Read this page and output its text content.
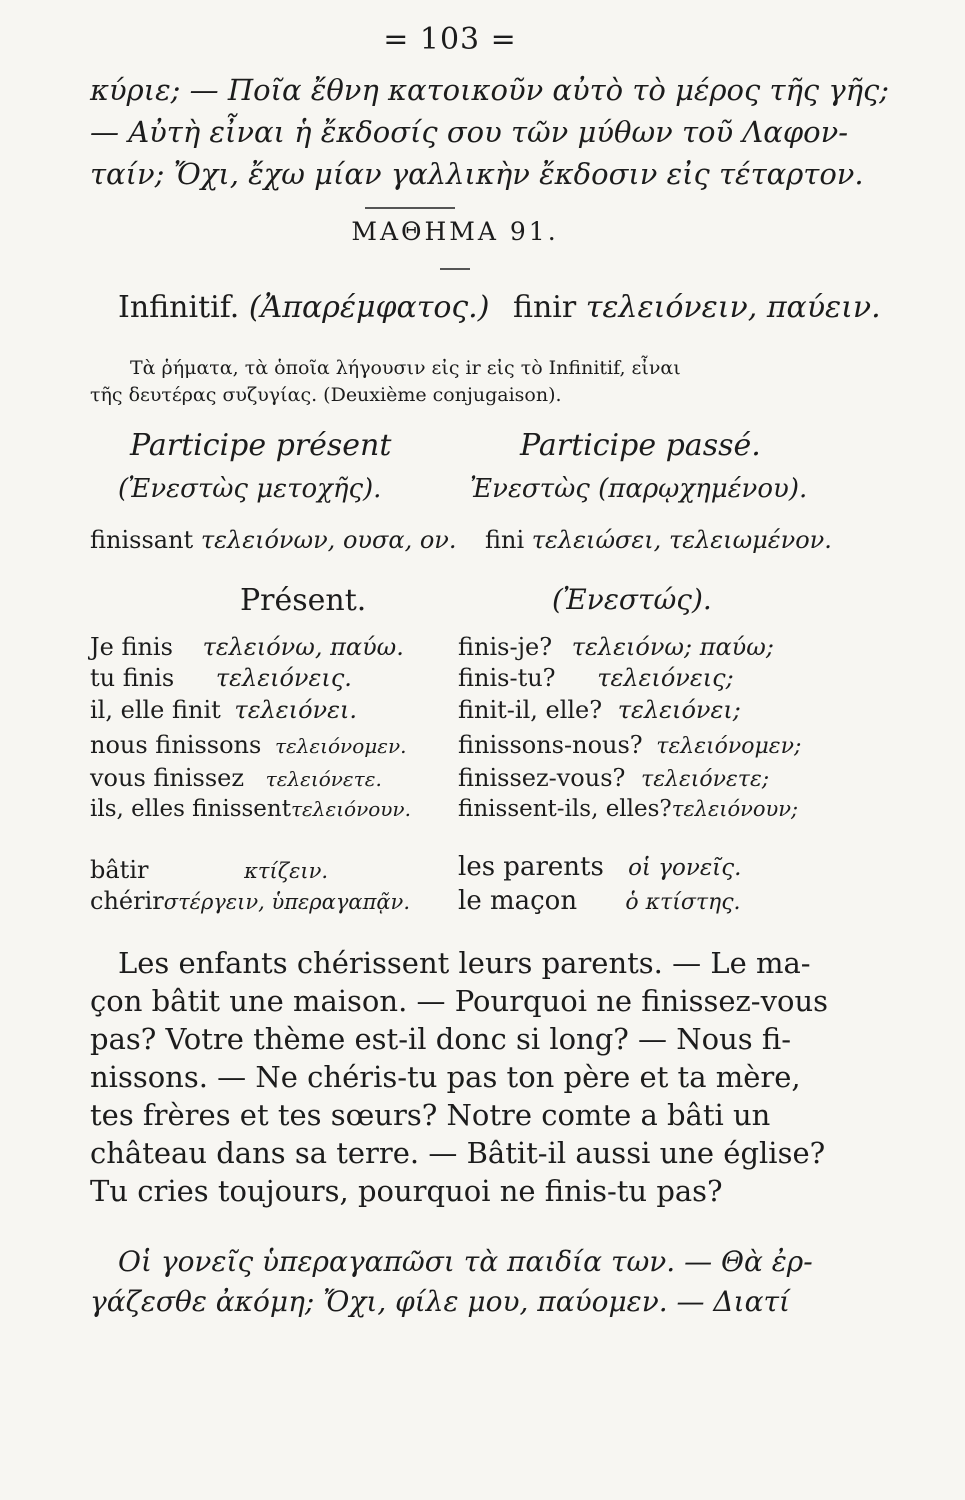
= 103 =
κύριε; — Ποῖα ἔθνη κατοικοῦν αὐτὸ τὸ μέρος τῆς γῆς;
— Αὐτὴ εἶναι ἡ ἔκδοσίς σου τῶν μύθων τοῦ Λαφον-
ταίν; Ὄχι, ἔχω μίαν γαλλικὴν ἔκδοσιν εἰς τέταρτον.
ΜΑΘΗΜΑ 91.
Infinitif. (Ἀπαρέμφατος.) finir τελειόνειν, παύειν.
Τὰ ῥήματα, τὰ ὁποῖα λήγουσιν εἰς ir εἰς τὸ Infinitif, εἶναι
τῆς δευτέρας συζυγίας. (Deuxième conjugaison).
Participe présent	Participe passé.
(Ἐνεστὼς μετοχῆς).	Ἐνεστὼς (παρῳχημένου).
finissant τελειόνων, ουσα, ον. fini τελειώσει, τελειωμένον.
Présent.	(Ἐνεστώς).
Je finis τελειόνω, παύω. finis-je? τελειόνω; παύω;
tu finis τελειόνεις.	finis-tu? τελειόνεις;
il, elle finit τελειόνει.	finit-il, elle? τελειόνει;
nous finissons τελειόνομεν. finissons-nous? τελειόνομεν;
vous finissez τελειόνετε.	finissez-vous? τελειόνετε;
ils, elles finissentτελειόνουν. finissent-ils, elles?τελειόνουν;
bâtir	κτίζειν.	les parents οἱ γονεῖς.
chérirστέργειν, ὑπεραγαπᾷν. le maçon ὁ κτίστης.
Les enfants chérissent leurs parents. — Le ma-
çon bâtit une maison. — Pourquoi ne finissez-vous
pas? Votre thème est-il donc si long? — Nous fi-
nissons. — Ne chéris-tu pas ton père et ta mère,
tes frères et tes sœurs? Notre comte a bâti un
château dans sa terre. — Bâtit-il aussi une église?
Tu cries toujours, pourquoi ne finis-tu pas?
Οἱ γονεῖς ὑπεραγαπῶσι τὰ παιδία των. — Θὰ ἐρ-
γάζεσθε ἀκόμη; Ὄχι, φίλε μου, παύομεν. — Διατί
